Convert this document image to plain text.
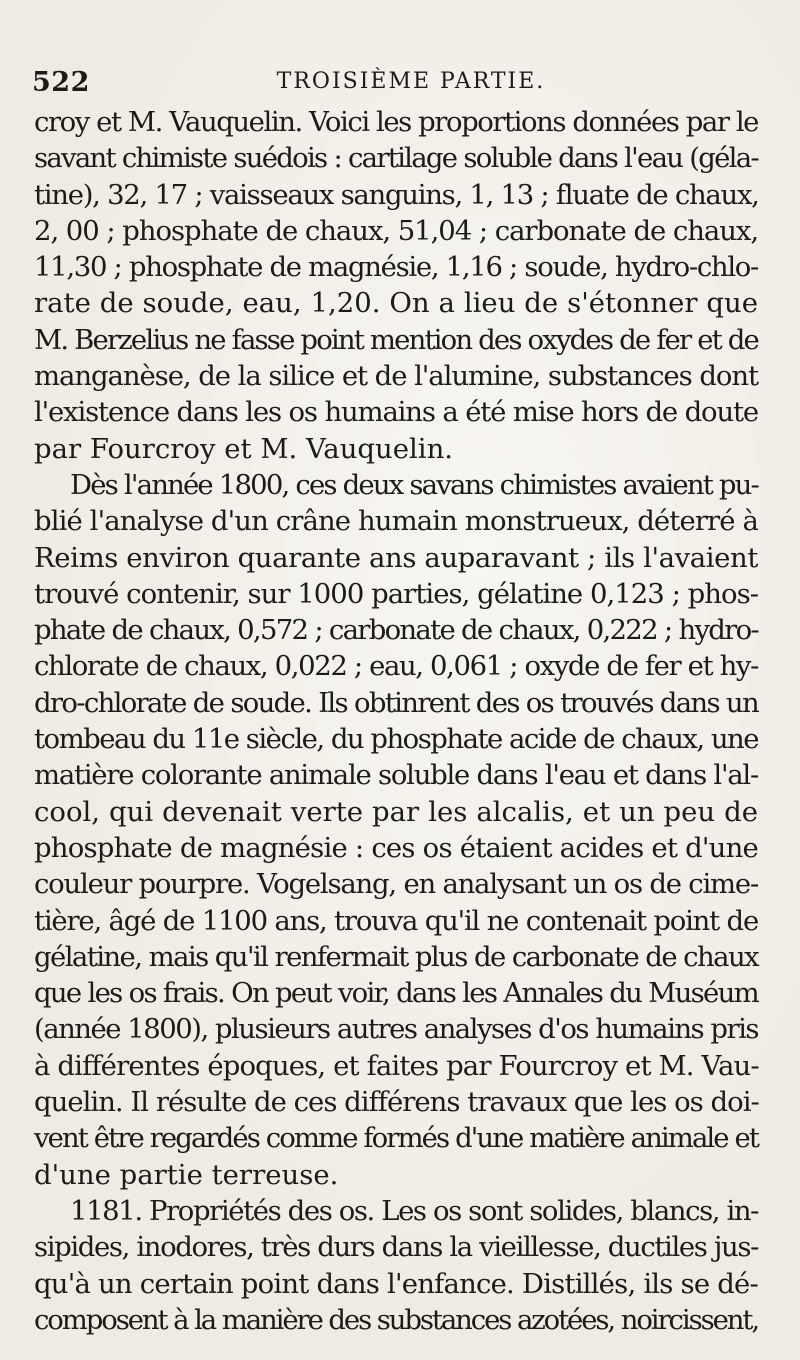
522	TROISIÈME PARTIE.

croy et M. Vauquelin. Voici les proportions données par le
savant chimiste suédois : cartilage soluble dans l'eau (géla-
tine), 32, 17 ; vaisseaux sanguins, 1, 13 ; fluate de chaux,
2, 00 ; phosphate de chaux, 51,04 ; carbonate de chaux,
11,30 ; phosphate de magnésie, 1,16 ; soude, hydro-chlo-
rate de soude, eau, 1,20. On a lieu de s'étonner que
M. Berzelius ne fasse point mention des oxydes de fer et de
manganèse, de la silice et de l'alumine, substances dont
l'existence dans les os humains a été mise hors de doute
par Fourcroy et M. Vauquelin.

Dès l'année 1800, ces deux savans chimistes avaient pu-
blié l'analyse d'un crâne humain monstrueux, déterré à
Reims environ quarante ans auparavant ; ils l'avaient
trouvé contenir, sur 1000 parties, gélatine 0,123 ; phos-
phate de chaux, 0,572 ; carbonate de chaux, 0,222 ; hydro-
chlorate de chaux, 0,022 ; eau, 0,061 ; oxyde de fer et hy-
dro-chlorate de soude. Ils obtinrent des os trouvés dans un
tombeau du 11e siècle, du phosphate acide de chaux, une
matière colorante animale soluble dans l'eau et dans l'al-
cool, qui devenait verte par les alcalis, et un peu de
phosphate de magnésie : ces os étaient acides et d'une
couleur pourpre. Vogelsang, en analysant un os de cime-
tière, âgé de 1100 ans, trouva qu'il ne contenait point de
gélatine, mais qu'il renfermait plus de carbonate de chaux
que les os frais. On peut voir, dans les Annales du Muséum
(année 1800), plusieurs autres analyses d'os humains pris
à différentes époques, et faites par Fourcroy et M. Vau-
quelin. Il résulte de ces différens travaux que les os doi-
vent être regardés comme formés d'une matière animale et
d'une partie terreuse.

1181. Propriétés des os. Les os sont solides, blancs, in-
sipides, inodores, très durs dans la vieillesse, ductiles jus-
qu'à un certain point dans l'enfance. Distillés, ils se dé-
composent à la manière des substances azotées, noircissent,
